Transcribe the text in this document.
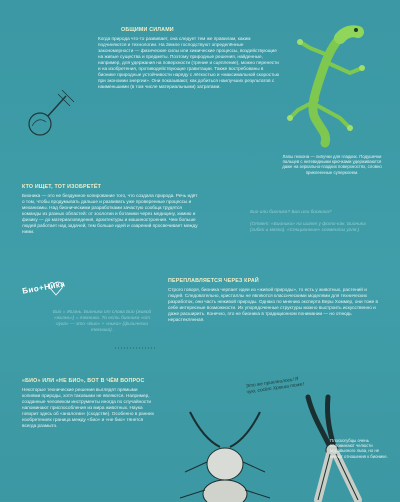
ОБЩИМИ СИЛАМИ
Когда природа что-то развивает, она следует тем же правилам, каким подчиняются и технологии. На Земле господствуют определённые закономерности — физические силы или химические процессы, воздействующие на живые существа и предметы. Поэтому природные решения, найденные, например, для удержания на поверхности (трение и сцепление), можно перенести и на изобретения, противодействующие гравитации. Также востребованы в бионике природные устойчивости наряду с лёгкостью и «максимальной скоростью при экономии энергии». Они показывают, как добиться наилучших результатов с наименьшими (в том числе материальными) затратами.
Лапы геккона — липучки для гладких. Подушечки пальцев с нитевидными крючками удерживаются даже на зеркально-гладких поверхностях, словно приклеенные суперклеем.
КТО ИЩЕТ, ТОТ ИЗОБРЕТЁТ
Бионика — это не бездумное копирование того, что создала природа. Речь идёт о том, чтобы продумывать дальше и развивать уже проверенные процессы и механизмы. Над бионическими разработками зачастую сообща трудятся команды из разных областей: от зоологии и ботаники через медицину, химию и физику — до материаловедения, архитектуры и машиностроения. Чем больше людей работает над задачей, тем больше идей и озарений просвечивает между ними.
Био или бионика? Био или бионика?
(Ответ: «Бионика» на шапке у фото-как. Бионика (гибко и мягко). «Секционные» сегменты угля.)
Био+Ника
Био = Жизнь. Бионика от слова Био (живой «жизнь») = техника. То есть бионика «от лука» — это «Био» + «ника» (физически техника).
ПЕРЕПЛАВЛЯЕТСЯ ЧЕРЕЗ КРАЙ
Строго говоря, бионика черпает идеи из «живой природы», то есть у животных, растений и людей. Следовательно, кристаллы не являются классическими моделями для технических разработок, они часть неживой природы. Однако по мнению эксперта Веры Хоммер, они тоже в себе интересные возможности. Их упорядоченные структуры можно выстроить искусственно и даже расширить. Конечно, это не бионика в традиционном понимании — но отнюдь нерастеклянная.
«БИО» ИЛИ «НЕ БИО», ВОТ В ЧЁМ ВОПРОС
Некоторые технические решения выглядят прямыми копиями природы, хотя таковыми не являются. Например, созданные человеком инструменты иногда по случайности напоминают приспособления из мира животных. Наука говорит здесь об «аналогии» (сходстве). Особенно в ранних изобретениях граница между «био» и «не био» тянется всегда размыто.
Это же приклеилось! Я чую, сосёт Хрюша тоже!
Плоскогубцы очень напоминают челюсти муравьиного льва, но не имеют отношения к бионике.
